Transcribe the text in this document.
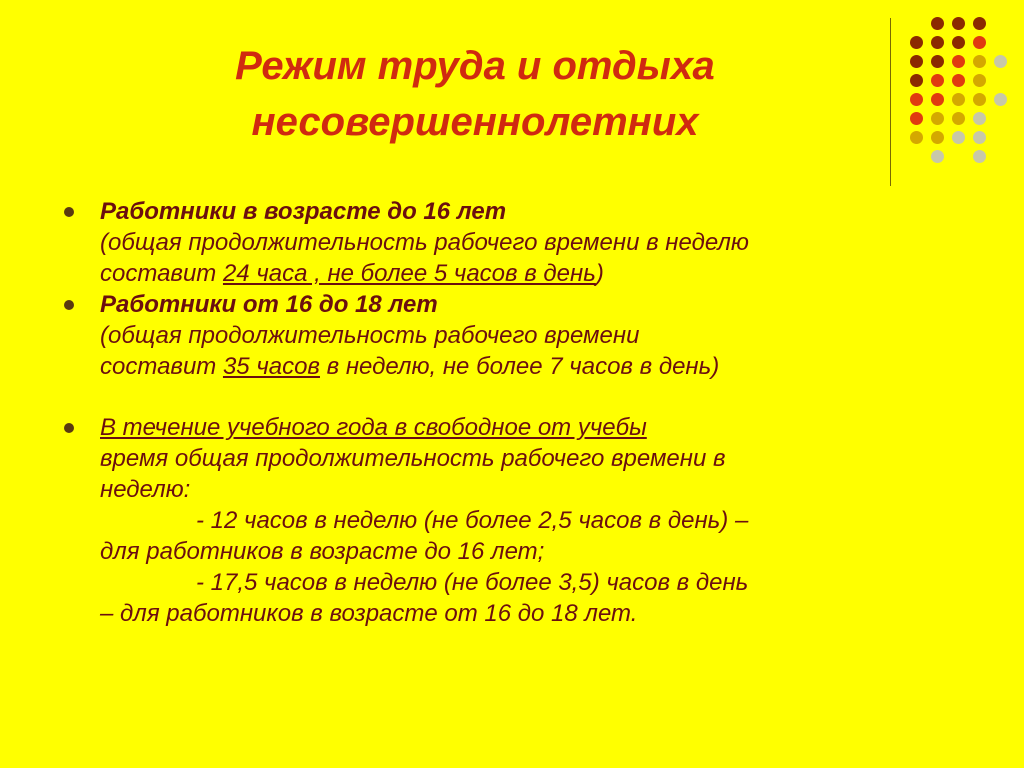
Режим труда и отдыха
несовершеннолетних
Работники в возрасте до 16 лет
(общая продолжительность рабочего времени в неделю
составит 24 часа , не более 5 часов в день)
Работники от 16 до 18 лет
(общая продолжительность рабочего времени
составит 35 часов в неделю, не более 7 часов в день)
В течение учебного года в свободное от учебы
время общая продолжительность рабочего времени в
неделю:
- 12 часов в неделю (не более 2,5 часов в день) –
для работников в возрасте до 16 лет;
- 17,5 часов в неделю (не более 3,5) часов в день
– для работников в возрасте от 16 до 18 лет.
